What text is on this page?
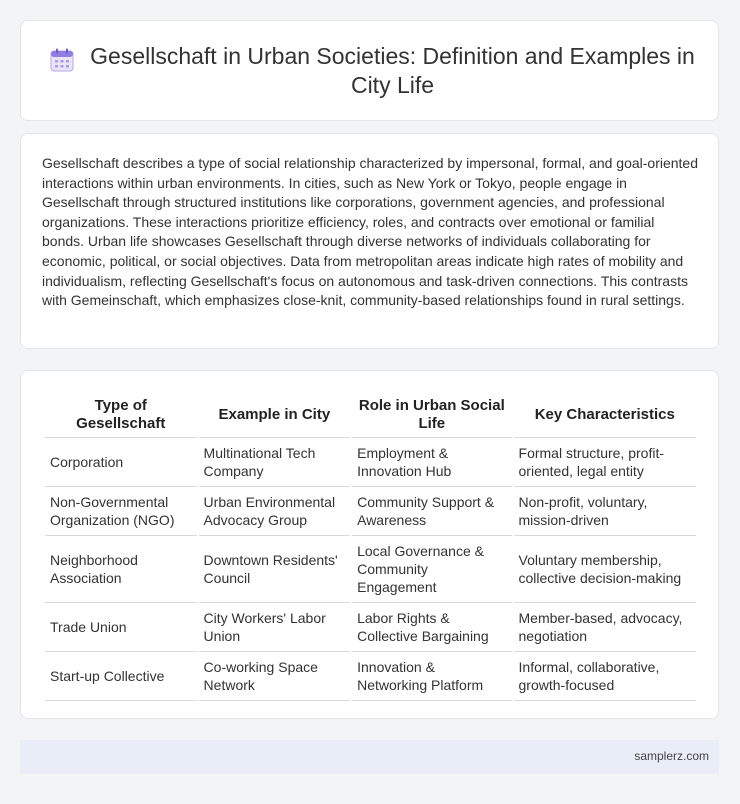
Gesellschaft in Urban Societies: Definition and Examples in City Life

Gesellschaft describes a type of social relationship characterized by impersonal, formal, and goal-oriented interactions within urban environments. In cities, such as New York or Tokyo, people engage in Gesellschaft through structured institutions like corporations, government agencies, and professional organizations. These interactions prioritize efficiency, roles, and contracts over emotional or familial bonds. Urban life showcases Gesellschaft through diverse networks of individuals collaborating for economic, political, or social objectives. Data from metropolitan areas indicate high rates of mobility and individualism, reflecting Gesellschaft's focus on autonomous and task-driven connections. This contrasts with Gemeinschaft, which emphasizes close-knit, community-based relationships found in rural settings.

Type of Gesellschaft	Example in City	Role in Urban Social Life	Key Characteristics
Corporation	Multinational Tech Company	Employment & Innovation Hub	Formal structure, profit-oriented, legal entity
Non-Governmental Organization (NGO)	Urban Environmental Advocacy Group	Community Support & Awareness	Non-profit, voluntary, mission-driven
Neighborhood Association	Downtown Residents' Council	Local Governance & Community Engagement	Voluntary membership, collective decision-making
Trade Union	City Workers' Labor Union	Labor Rights & Collective Bargaining	Member-based, advocacy, negotiation
Start-up Collective	Co-working Space Network	Innovation & Networking Platform	Informal, collaborative, growth-focused
samplerz.com
